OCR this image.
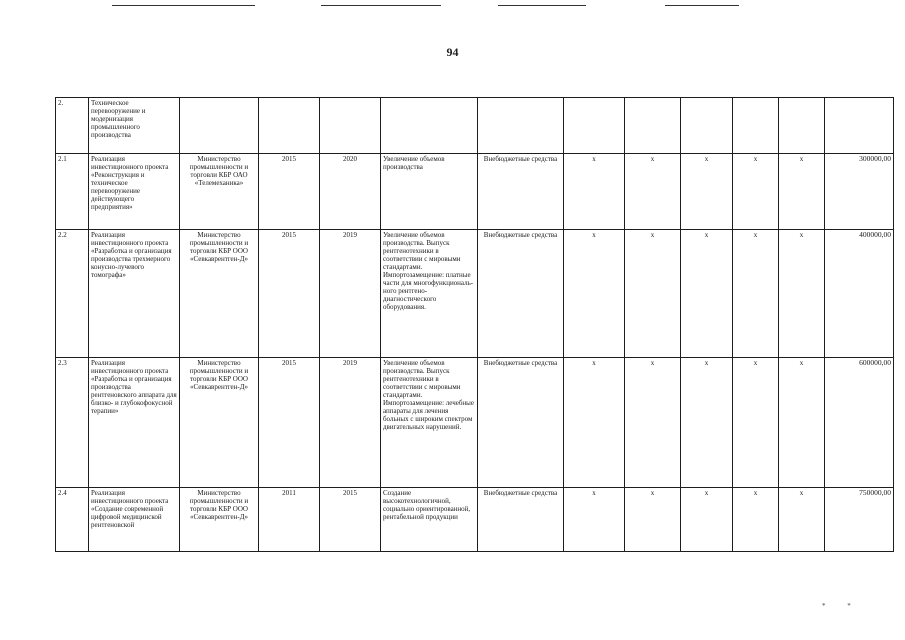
94
2.	Техническое перевооружение и модернизация промышленного производства											
2.1	Реализация инвестиционного проекта «Реконструкция и техническое перевооружение действующего предприятия»	Министерство промышленности и торговли КБР ОАО «Телемеханика»	2015	2020	Увеличение объемов производства	Внебюджетные средства	x	x	x	x	x	300000,00
2.2	Реализация инвестиционного проекта «Разработка и организация производства трехмерного конусно-лучевого томографа»	Министерство промышленности и торговли КБР ООО «Севкаврентген-Д»	2015	2019	Увеличение объемов производства. Выпуск рентгенотехники в соответствии с мировыми стандартами. Импортозамещение: платные части для многофункциональ-ного рентгено-диагностического оборудования.	Внебюджетные средства	x	x	x	x	x	400000,00
2.3	Реализация инвестиционного проекта «Разработка и организация производства рентгеновского аппарата для близко- и глубокофокусной терапии»	Министерство промышленности и торговли КБР ООО «Севкаврентген-Д»	2015	2019	Увеличение объемов производства. Выпуск рентгенотехники в соответствии с мировыми стандартами. Импортозамещение: лечебные аппараты для лечения больных с широким спектром двигательных нарушений.	Внебюджетные средства	x	x	x	x	x	600000,00
2.4	Реализация инвестиционного проекта «Создание современной цифровой медицинской рентгеновской	Министерство промышленности и торговли КБР ООО «Севкаврентген-Д»	2011	2015	Создание высокотехнологичной, социально ориентированной, рентабельной продукции	Внебюджетные средства	x	x	x	x	x	750000,00
* *
